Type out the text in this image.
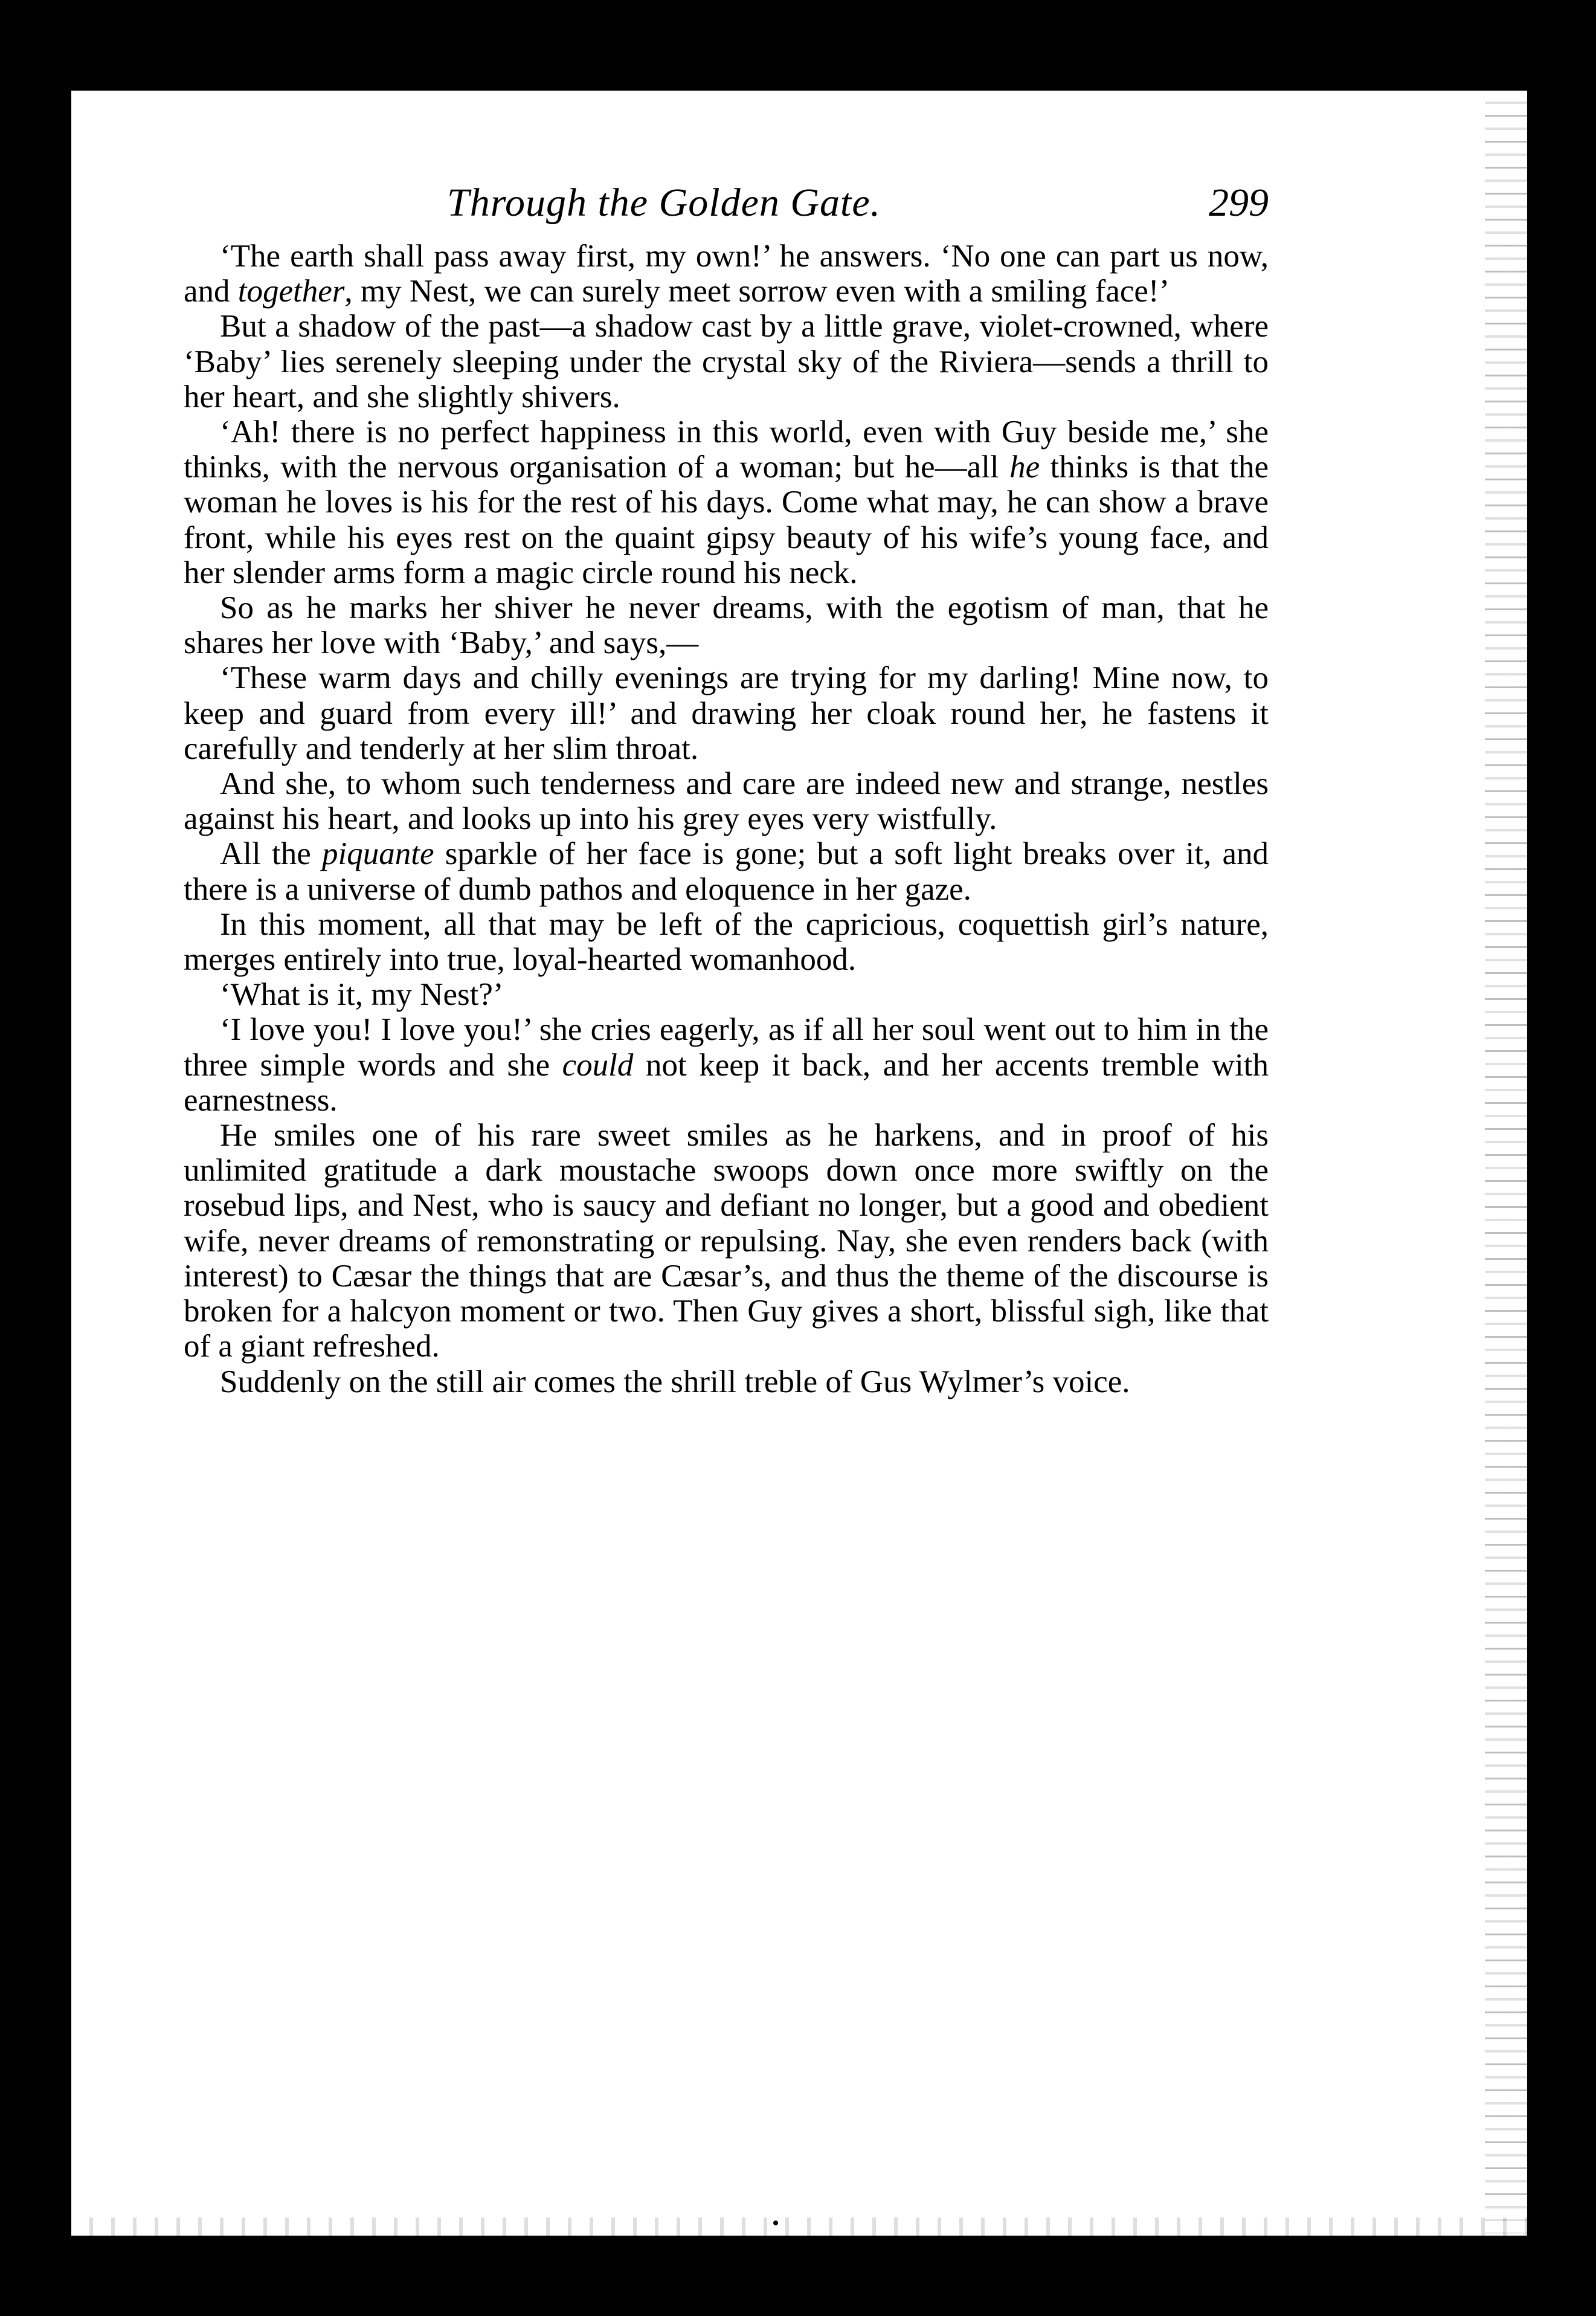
Through the Golden Gate.	299

‘The earth shall pass away first, my own!’ he answers. ‘No one can part us now, and together, my Nest, we can surely meet sorrow even with a smiling face!’

But a shadow of the past—a shadow cast by a little grave, violet-crowned, where ‘Baby’ lies serenely sleeping under the crystal sky of the Riviera—sends a thrill to her heart, and she slightly shivers.

‘Ah! there is no perfect happiness in this world, even with Guy beside me,’ she thinks, with the nervous organisation of a woman; but he—all he thinks is that the woman he loves is his for the rest of his days. Come what may, he can show a brave front, while his eyes rest on the quaint gipsy beauty of his wife’s young face, and her slender arms form a magic circle round his neck.

So as he marks her shiver he never dreams, with the egotism of man, that he shares her love with ‘Baby,’ and says,—

‘These warm days and chilly evenings are trying for my darling! Mine now, to keep and guard from every ill!’ and drawing her cloak round her, he fastens it carefully and tenderly at her slim throat.

And she, to whom such tenderness and care are indeed new and strange, nestles against his heart, and looks up into his grey eyes very wistfully.

All the piquante sparkle of her face is gone; but a soft light breaks over it, and there is a universe of dumb pathos and eloquence in her gaze.

In this moment, all that may be left of the capricious, coquettish girl’s nature, merges entirely into true, loyal-hearted womanhood.

‘What is it, my Nest?’

‘I love you! I love you!’ she cries eagerly, as if all her soul went out to him in the three simple words and she could not keep it back, and her accents tremble with earnestness.

He smiles one of his rare sweet smiles as he harkens, and in proof of his unlimited gratitude a dark moustache swoops down once more swiftly on the rosebud lips, and Nest, who is saucy and defiant no longer, but a good and obedient wife, never dreams of remonstrating or repulsing. Nay, she even renders back (with interest) to Cæsar the things that are Cæsar’s, and thus the theme of the discourse is broken for a halcyon moment or two. Then Guy gives a short, blissful sigh, like that of a giant refreshed.

Suddenly on the still air comes the shrill treble of Gus Wylmer’s voice.
